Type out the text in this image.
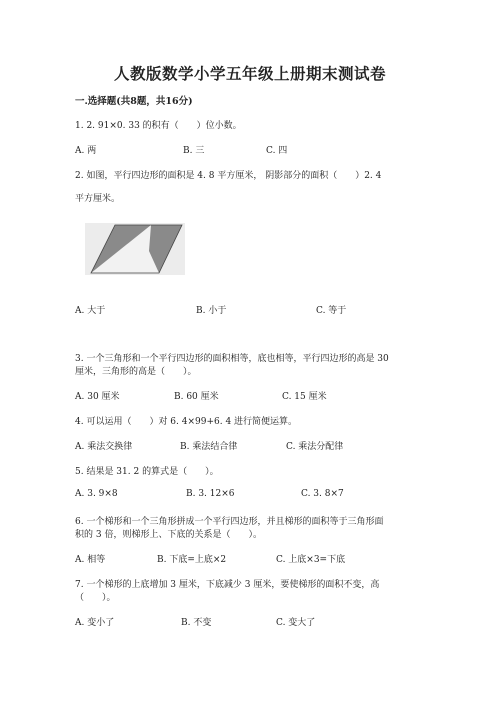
人教版数学小学五年级上册期末测试卷
一.选择题(共8题，共16分)
1. 2. 91×0. 33 的积有（　　）位小数。
A. 两	B. 三	C. 四
2. 如图，平行四边形的面积是 4. 8 平方厘米， 阴影部分的面积（　　）2. 4
平方厘米。
A. 大于	B. 小于	C. 等于
3. 一个三角形和一个平行四边形的面积相等，底也相等，平行四边形的高是 30
厘米，三角形的高是（　　）。
A. 30 厘米	B. 60 厘米	C. 15 厘米
4. 可以运用（　　）对 6. 4×99+6. 4 进行简便运算。
A. 乘法交换律	B. 乘法结合律	C. 乘法分配律
5. 结果是 31. 2 的算式是（　　）。
A. 3. 9×8	B. 3. 12×6	C. 3. 8×7
6. 一个梯形和一个三角形拼成一个平行四边形，并且梯形的面积等于三角形面
积的 3 倍，则梯形上、下底的关系是（　　）。
A. 相等	B. 下底=上底×2	C. 上底×3=下底
7. 一个梯形的上底增加 3 厘米，下底减少 3 厘米，要使梯形的面积不变，高
（　　）。
A. 变小了	B. 不变	C. 变大了
